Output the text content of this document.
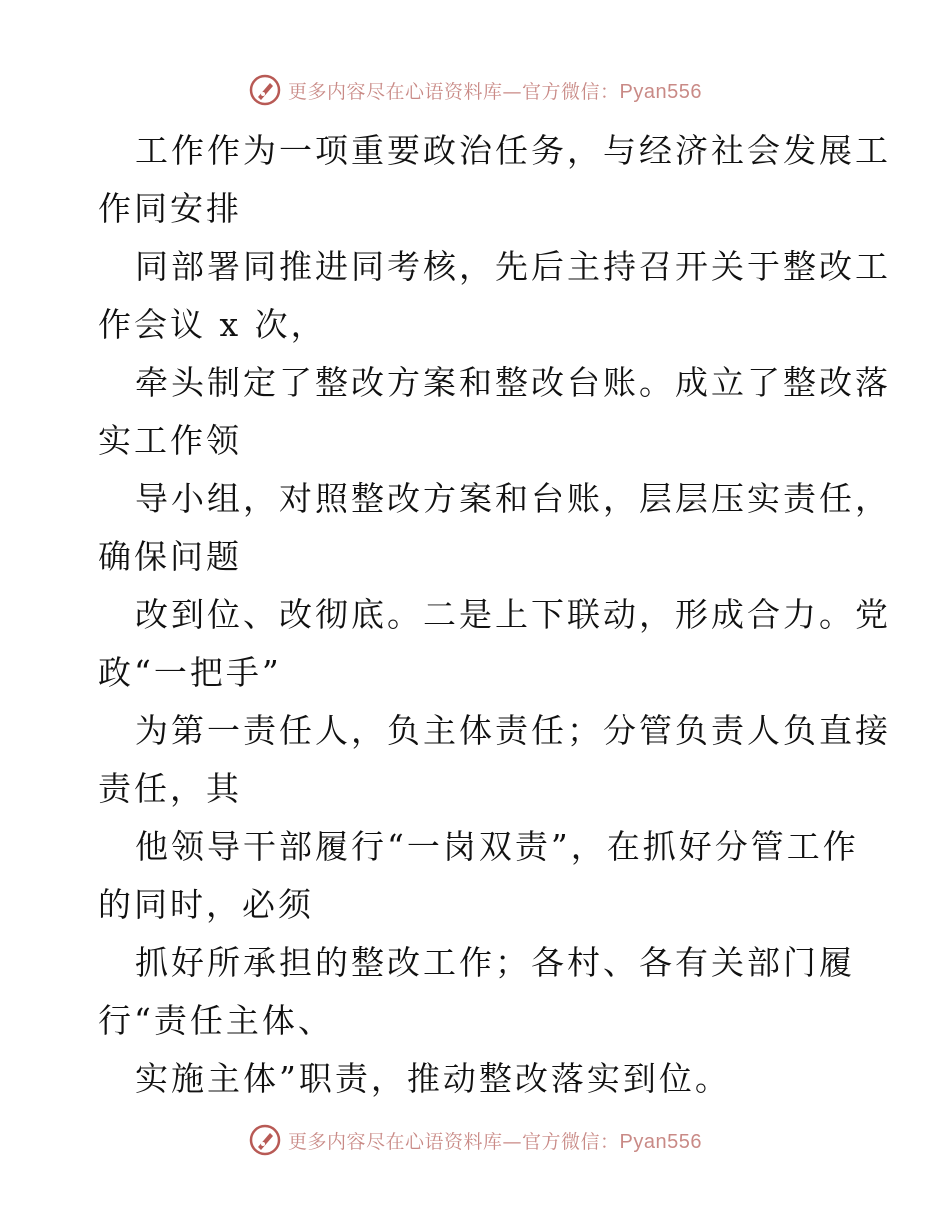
更多内容尽在心语资料库—官方微信：Pyan556

工作作为一项重要政治任务，与经济社会发展工
作同安排

同部署同推进同考核，先后主持召开关于整改工
作会议 x 次，

牵头制定了整改方案和整改台账。成立了整改落
实工作领

导小组，对照整改方案和台账，层层压实责任，
确保问题

改到位、改彻底。二是上下联动，形成合力。党
政“一把手”

为第一责任人，负主体责任；分管负责人负直接
责任，其

他领导干部履行“一岗双责”，在抓好分管工作
的同时，必须

抓好所承担的整改工作；各村、各有关部门履
行“责任主体、

实施主体”职责，推动整改落实到位。

更多内容尽在心语资料库—官方微信：Pyan556
